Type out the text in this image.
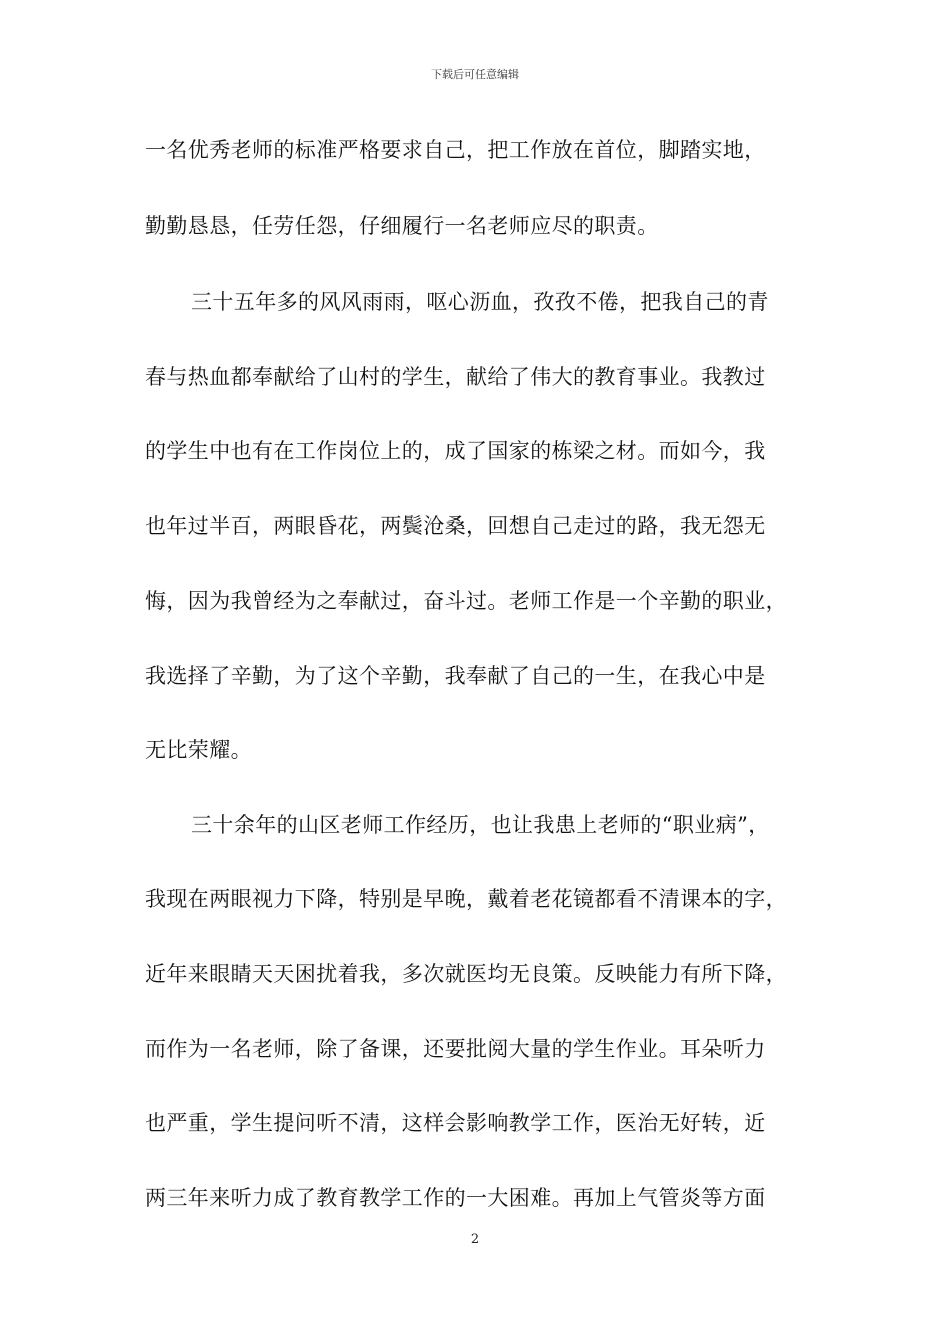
下载后可任意编辑
一名优秀老师的标准严格要求自己，把工作放在首位，脚踏实地，
勤勤恳恳，任劳任怨，仔细履行一名老师应尽的职责。
三十五年多的风风雨雨，呕心沥血，孜孜不倦，把我自己的青
春与热血都奉献给了山村的学生，献给了伟大的教育事业。我教过
的学生中也有在工作岗位上的，成了国家的栋梁之材。而如今，我
也年过半百，两眼昏花，两鬓沧桑，回想自己走过的路，我无怨无
悔，因为我曾经为之奉献过，奋斗过。老师工作是一个辛勤的职业，
我选择了辛勤，为了这个辛勤，我奉献了自己的一生，在我心中是
无比荣耀。
三十余年的山区老师工作经历，也让我患上老师的“职业病”，
我现在两眼视力下降，特别是早晚，戴着老花镜都看不清课本的字，
近年来眼睛天天困扰着我，多次就医均无良策。反映能力有所下降，
而作为一名老师，除了备课，还要批阅大量的学生作业。耳朵听力
也严重，学生提问听不清，这样会影响教学工作，医治无好转，近
两三年来听力成了教育教学工作的一大困难。再加上气管炎等方面
2
